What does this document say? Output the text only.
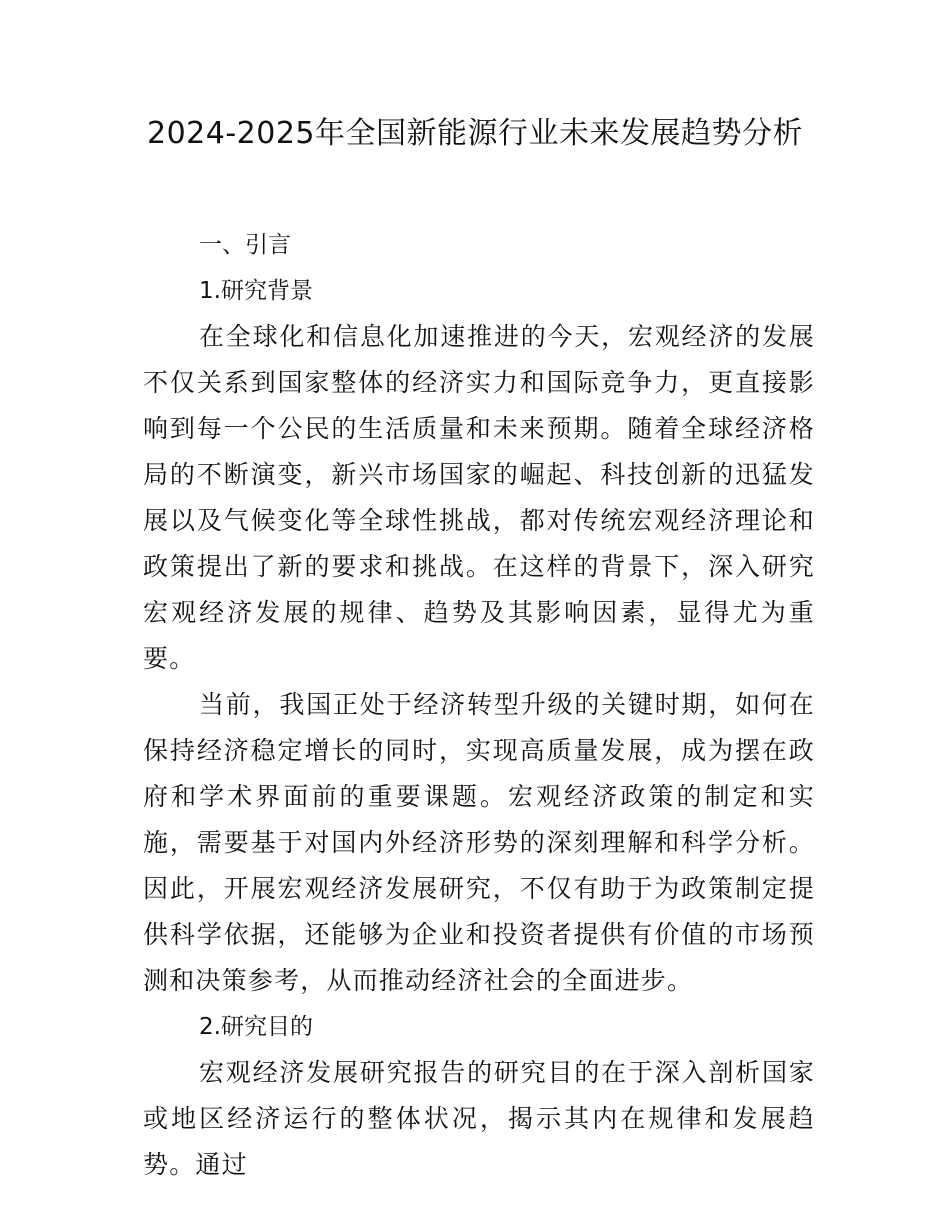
2024-2025年全国新能源行业未来发展趋势分析

一、引言

1.研究背景

在全球化和信息化加速推进的今天，宏观经济的发展不仅关系到国家整体的经济实力和国际竞争力，更直接影响到每一个公民的生活质量和未来预期。随着全球经济格局的不断演变，新兴市场国家的崛起、科技创新的迅猛发展以及气候变化等全球性挑战，都对传统宏观经济理论和政策提出了新的要求和挑战。在这样的背景下，深入研究宏观经济发展的规律、趋势及其影响因素，显得尤为重要。

当前，我国正处于经济转型升级的关键时期，如何在保持经济稳定增长的同时，实现高质量发展，成为摆在政府和学术界面前的重要课题。宏观经济政策的制定和实施，需要基于对国内外经济形势的深刻理解和科学分析。因此，开展宏观经济发展研究，不仅有助于为政策制定提供科学依据，还能够为企业和投资者提供有价值的市场预测和决策参考，从而推动经济社会的全面进步。

2.研究目的

宏观经济发展研究报告的研究目的在于深入剖析国家或地区经济运行的整体状况，揭示其内在规律和发展趋势。通过
